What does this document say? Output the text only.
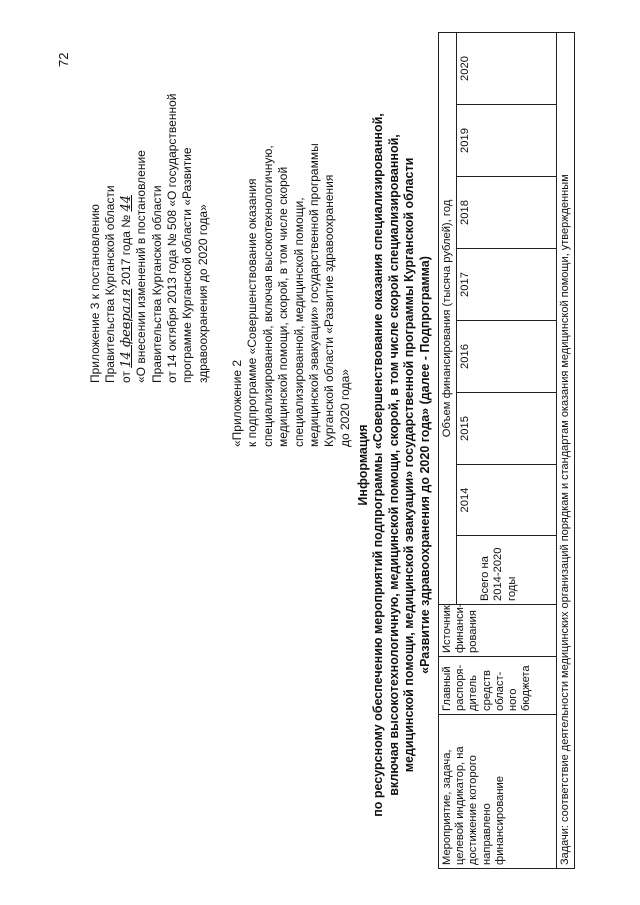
72
Приложение 3 к постановлению Правительства Курганской области от 14 февраля 2017 года № 44 «О внесении изменений в постановление Правительства Курганской области от 14 октября 2013 года № 508 «О государственной программе Курганской области «Развитие здравоохранения до 2020 года»
«Приложение 2 к подпрограмме «Совершенствование оказания специализированной, включая высокотехнологичную, медицинской помощи, скорой, в том числе скорой специализированной, медицинской помощи, медицинской эвакуации» государственной программы Курганской области «Развитие здравоохранения до 2020 года»
Информация по ресурсному обеспечению мероприятий подпрограммы «Совершенствование оказания специализированной, включая высокотехнологичную, медицинской помощи, скорой, в том числе скорой специализированной, медицинской помощи, медицинской эвакуации» государственной программы Курганской области «Развитие здравоохранения до 2020 года» (далее - Подпрограмма)
Мероприятие, задача, целевой индикатор, на достижение которого направлено финансирование	Главный распоря-дитель средств област-ного бюджета	Источник финанси-рования	Объем финансирования (тысяча рублей), год							
			Всего на 2014-2020 годы	2014	2015	2016	2017	2018	2019	2020
Задачи: соответствие деятельности медицинских организаций порядкам и стандартам оказания медицинской помощи, утвержденным										
